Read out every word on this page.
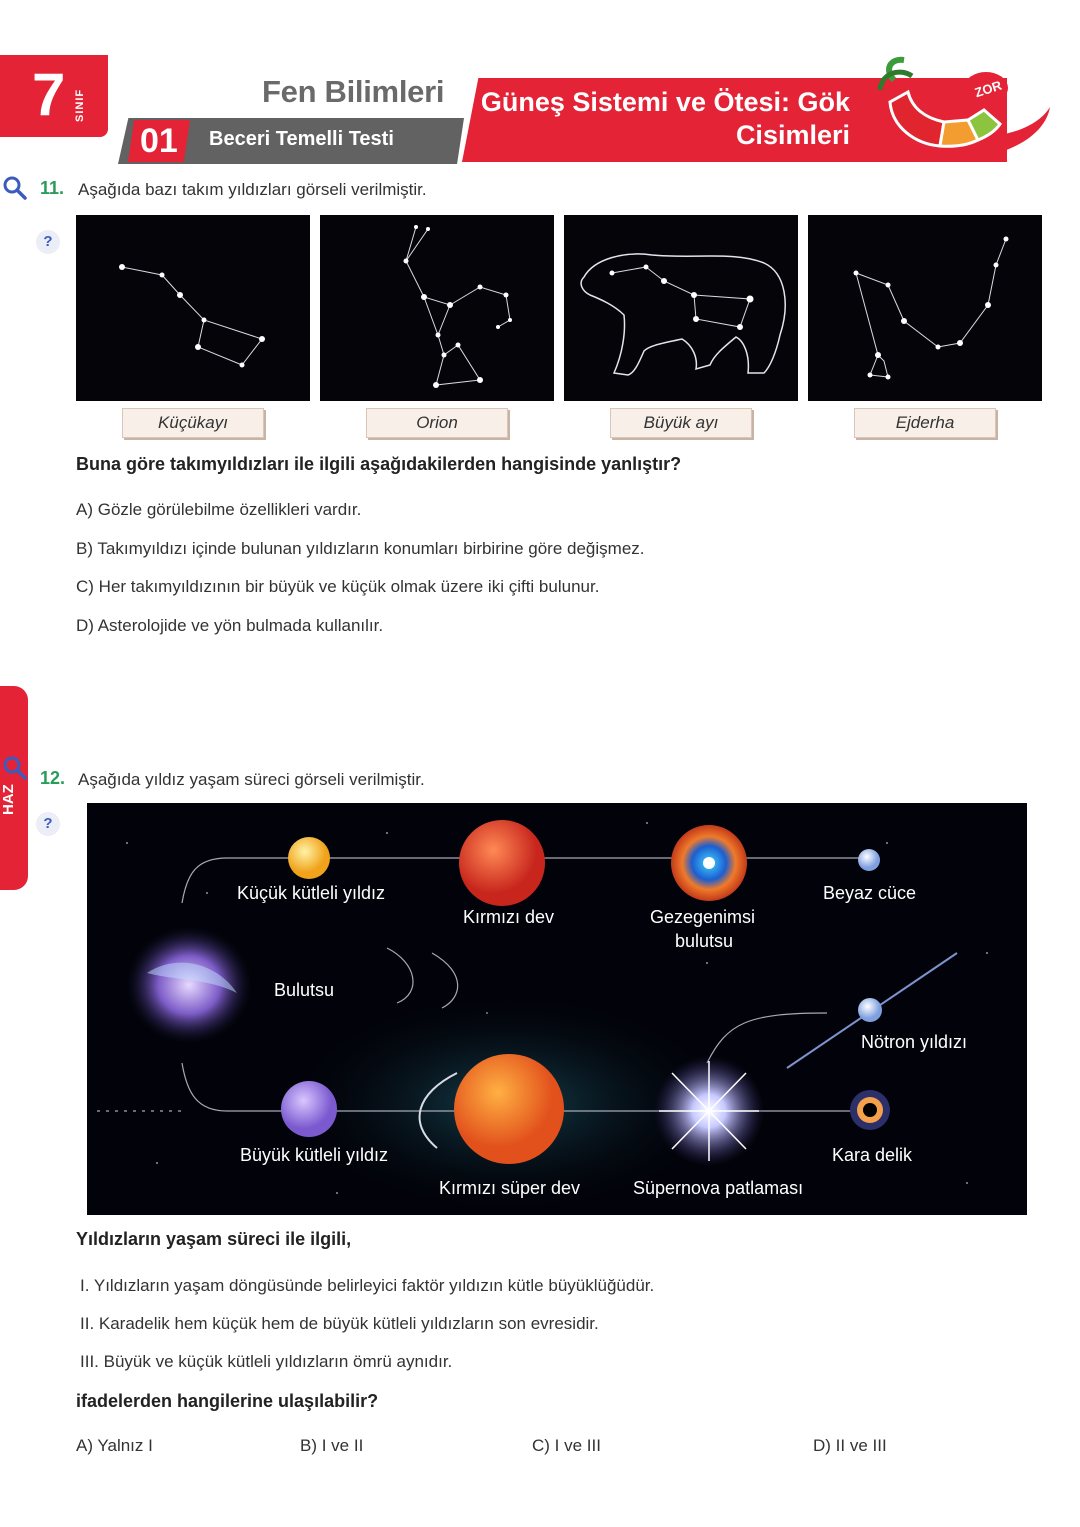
7 SINIF	Fen Bilimleri
01 Beceri Temelli Testi
Güneş Sistemi ve Ötesi: Gök Cisimleri
ZOR
11. Aşağıda bazı takım yıldızları görseli verilmiştir.
?
Küçükayı	Orion	Büyük ayı	Ejderha
Buna göre takımyıldızları ile ilgili aşağıdakilerden hangisinde yanlıştır?
A) Gözle görülebilme özellikleri vardır.
B) Takımyıldızı içinde bulunan yıldızların konumları birbirine göre değişmez.
C) Her takımyıldızının bir büyük ve küçük olmak üzere iki çifti bulunur.
D) Asterolojide ve yön bulmada kullanılır.
HAZ
12. Aşağıda yıldız yaşam süreci görseli verilmiştir.
?
Küçük kütleli yıldız
Kırmızı dev	Gezegenimsi
bulutsu
Beyaz cüce
Bulutsu
Nötron yıldızı
Büyük kütleli yıldız
Kırmızı süper dev	Süpernova patlaması
Kara delik
Yıldızların yaşam süreci ile ilgili,
I. Yıldızların yaşam döngüsünde belirleyici faktör yıldızın kütle büyüklüğüdür.
II. Karadelik hem küçük hem de büyük kütleli yıldızların son evresidir.
III. Büyük ve küçük kütleli yıldızların ömrü aynıdır.
ifadelerden hangilerine ulaşılabilir?
A) Yalnız I	B) I ve II	C) I ve III	D) II ve III
